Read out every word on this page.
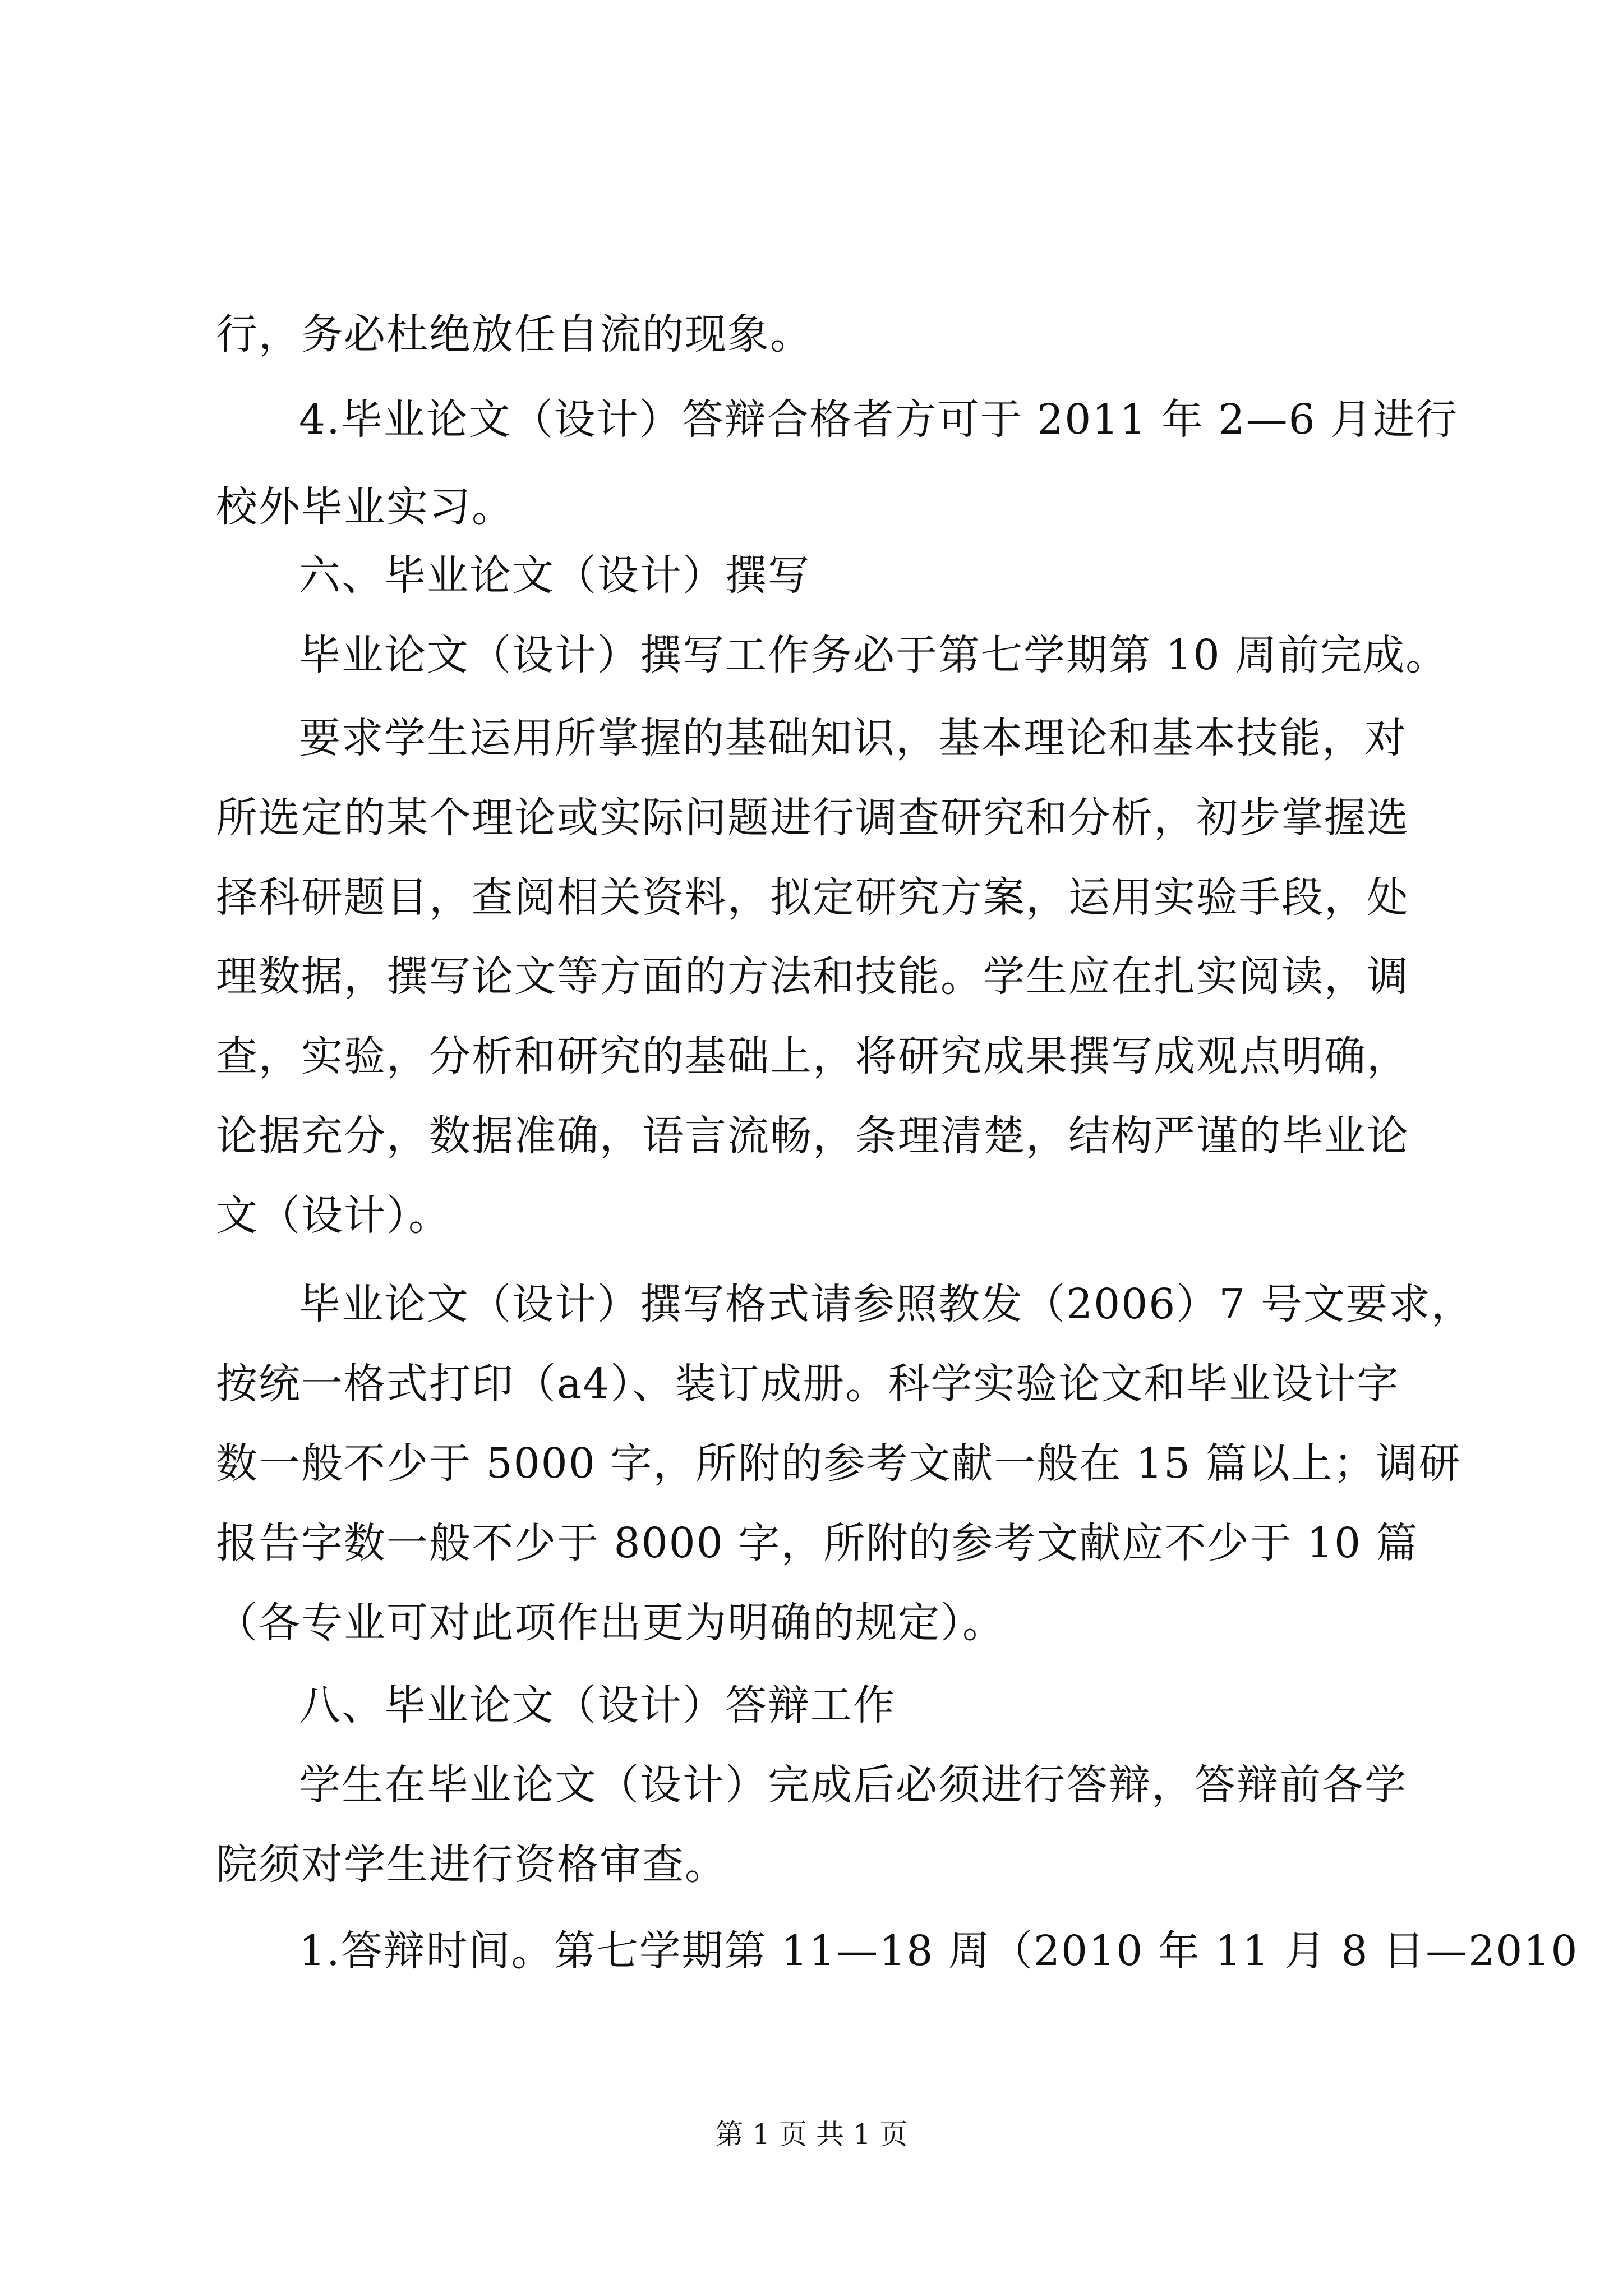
行，务必杜绝放任自流的现象。
4.毕业论文（设计）答辩合格者方可于 2011 年 2—6 月进行
校外毕业实习。
六、毕业论文（设计）撰写
毕业论文（设计）撰写工作务必于第七学期第 10 周前完成。
要求学生运用所掌握的基础知识，基本理论和基本技能，对
所选定的某个理论或实际问题进行调查研究和分析，初步掌握选
择科研题目，查阅相关资料，拟定研究方案，运用实验手段，处
理数据，撰写论文等方面的方法和技能。学生应在扎实阅读，调
查，实验，分析和研究的基础上，将研究成果撰写成观点明确，
论据充分，数据准确，语言流畅，条理清楚，结构严谨的毕业论
文（设计）。
毕业论文（设计）撰写格式请参照教发（2006）7 号文要求，
按统一格式打印（a4）、装订成册。科学实验论文和毕业设计字
数一般不少于 5000 字，所附的参考文献一般在 15 篇以上；调研
报告字数一般不少于 8000 字，所附的参考文献应不少于 10 篇
（各专业可对此项作出更为明确的规定）。
八、毕业论文（设计）答辩工作
学生在毕业论文（设计）完成后必须进行答辩，答辩前各学
院须对学生进行资格审查。
1.答辩时间。第七学期第 11—18 周（2010 年 11 月 8 日—2010
第 1 页 共 1 页
